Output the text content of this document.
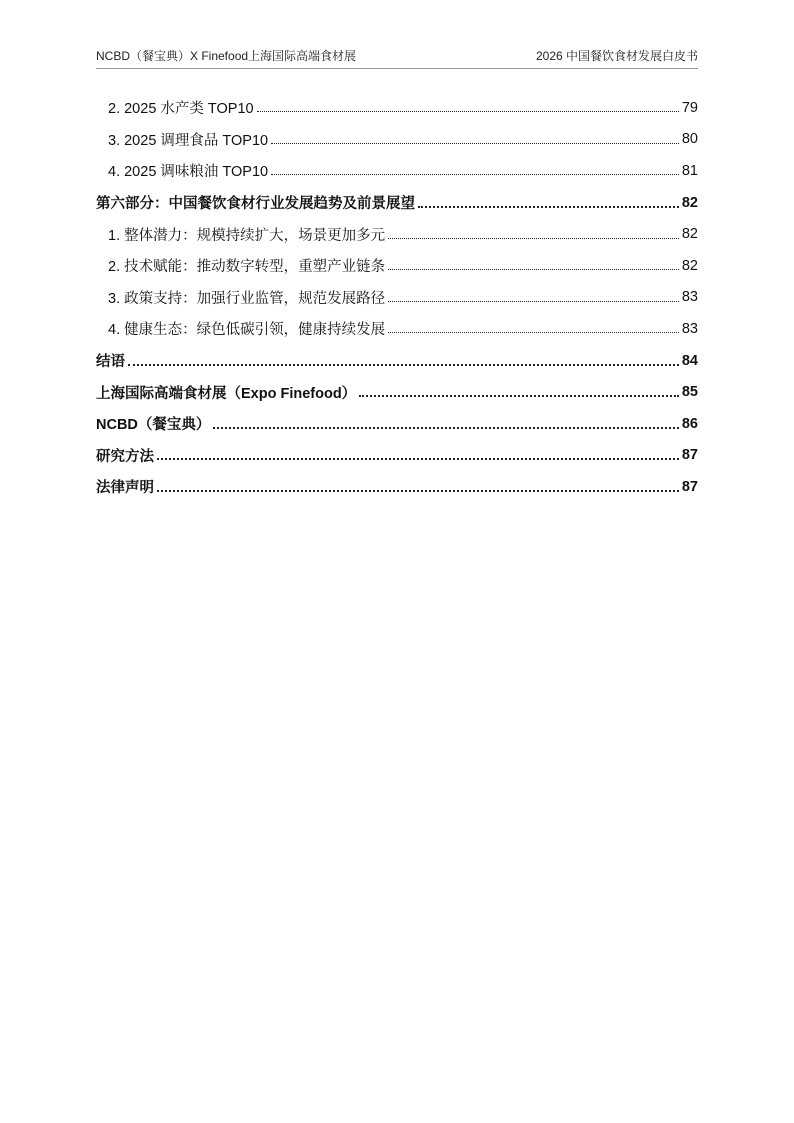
NCBD（餐宝典）X Finefood上海国际高端食材展	2026 中国餐饮食材发展白皮书
2. 2025 水产类 TOP10	79
3. 2025 调理食品 TOP10	80
4. 2025 调味粮油 TOP10	81
第六部分：中国餐饮食材行业发展趋势及前景展望	82
1. 整体潜力：规模持续扩大，场景更加多元	82
2. 技术赋能：推动数字转型，重塑产业链条	82
3. 政策支持：加强行业监管，规范发展路径	83
4. 健康生态：绿色低碳引领，健康持续发展	83
结语	84
上海国际高端食材展（Expo Finefood）	85
NCBD（餐宝典）	86
研究方法	87
法律声明	87
